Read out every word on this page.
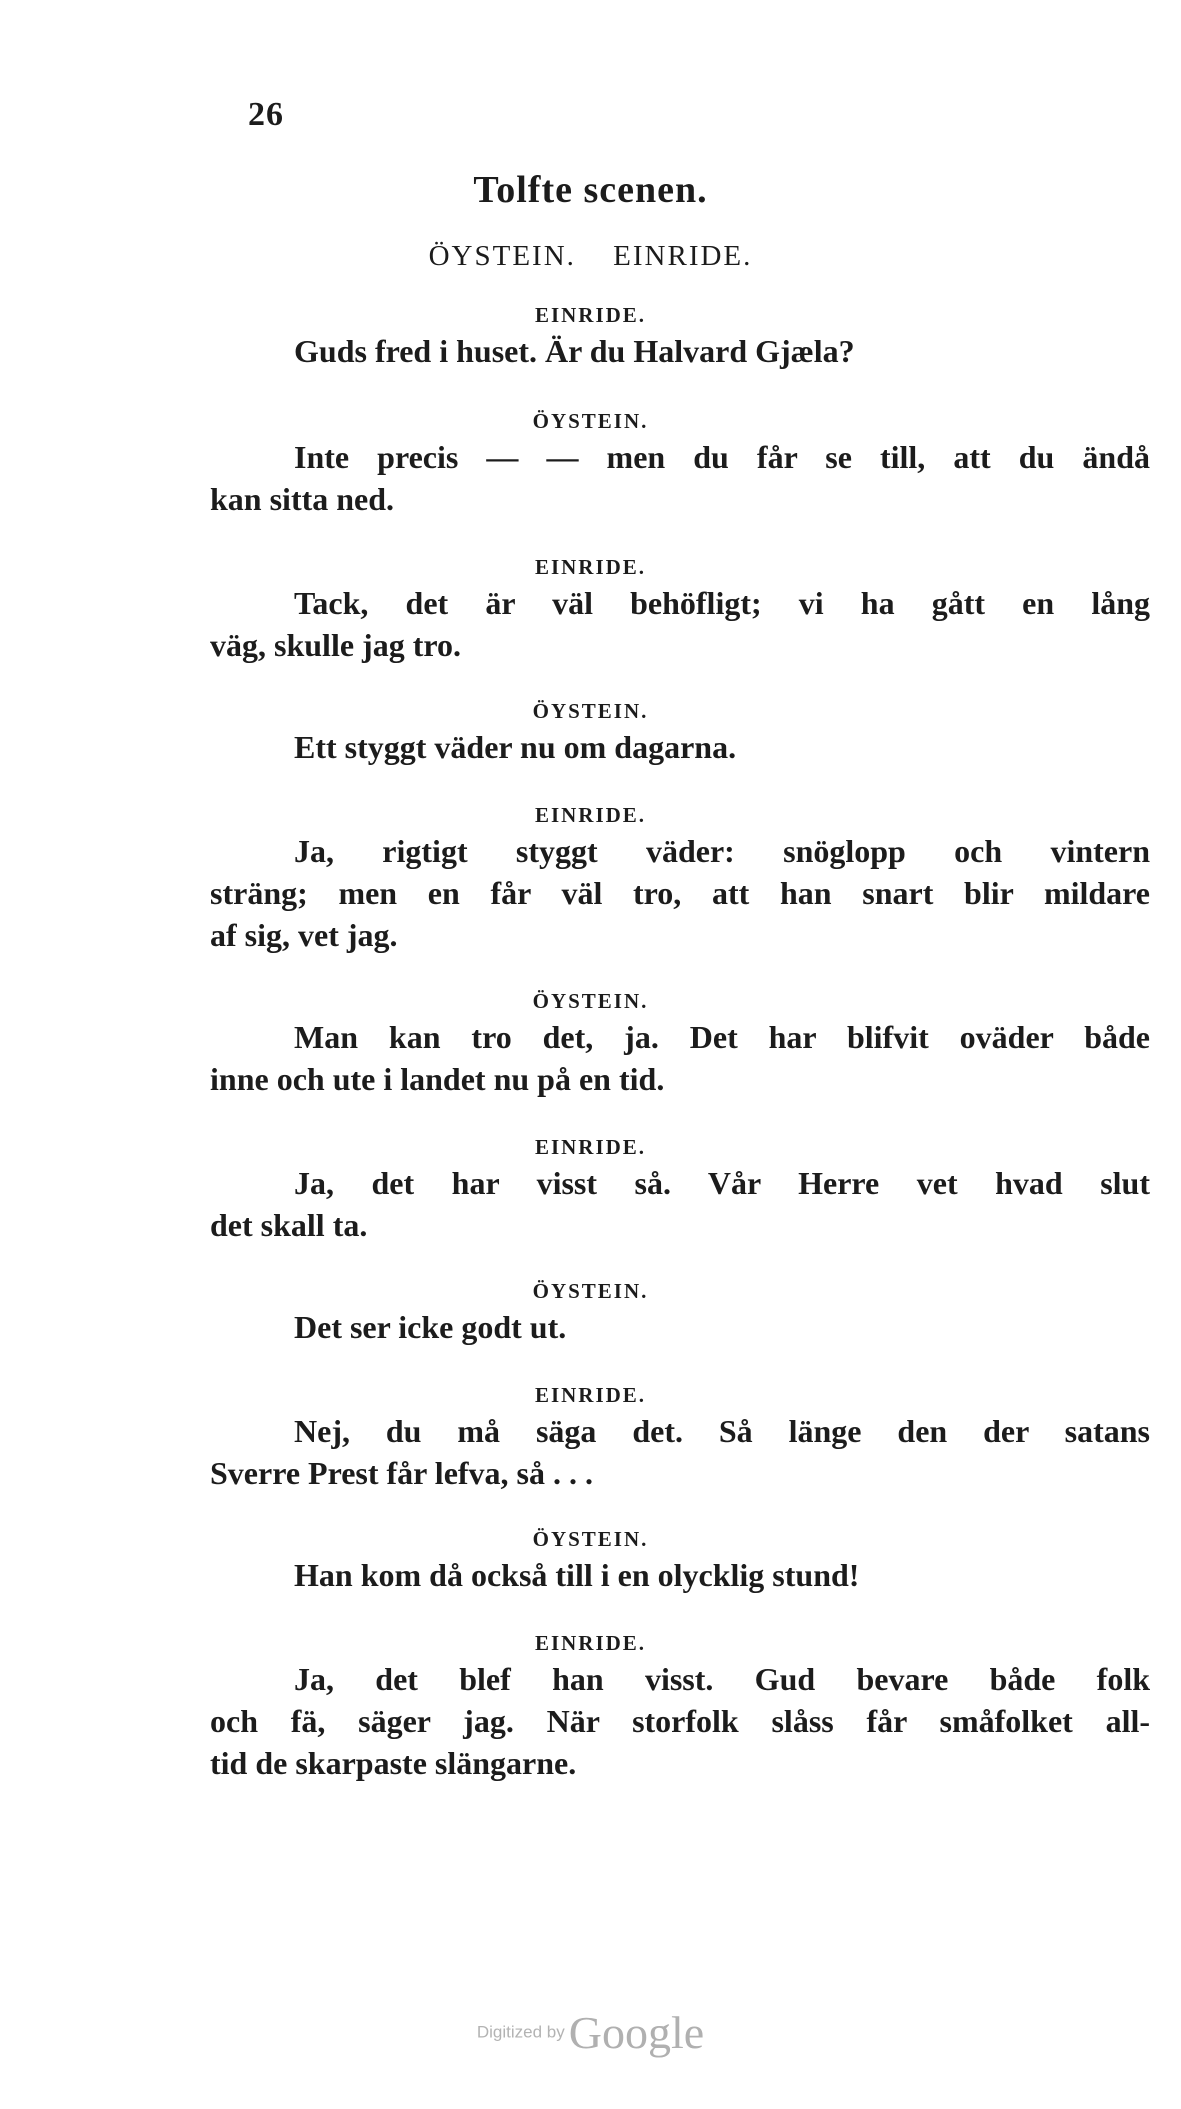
26
Tolfte scenen.
ÖYSTEIN. EINRIDE.
EINRIDE.
Guds fred i huset. Är du Halvard Gjæla?
ÖYSTEIN.
Inte precis — — men du får se till, att du ändå
kan sitta ned.
EINRIDE.
Tack, det är väl behöfligt; vi ha gått en lång
väg, skulle jag tro.
ÖYSTEIN.
Ett styggt väder nu om dagarna.
EINRIDE.
Ja, rigtigt styggt väder: snöglopp och vintern
sträng; men en får väl tro, att han snart blir mildare
af sig, vet jag.
ÖYSTEIN.
Man kan tro det, ja. Det har blifvit oväder både
inne och ute i landet nu på en tid.
EINRIDE.
Ja, det har visst så. Vår Herre vet hvad slut
det skall ta.
ÖYSTEIN.
Det ser icke godt ut.
EINRIDE.
Nej, du må säga det. Så länge den der satans
Sverre Prest får lefva, så . . .
ÖYSTEIN.
Han kom då också till i en olycklig stund!
EINRIDE.
Ja, det blef han visst. Gud bevare både folk
och fä, säger jag. När storfolk slåss får småfolket all-
tid de skarpaste slängarne.
Digitized by Google
